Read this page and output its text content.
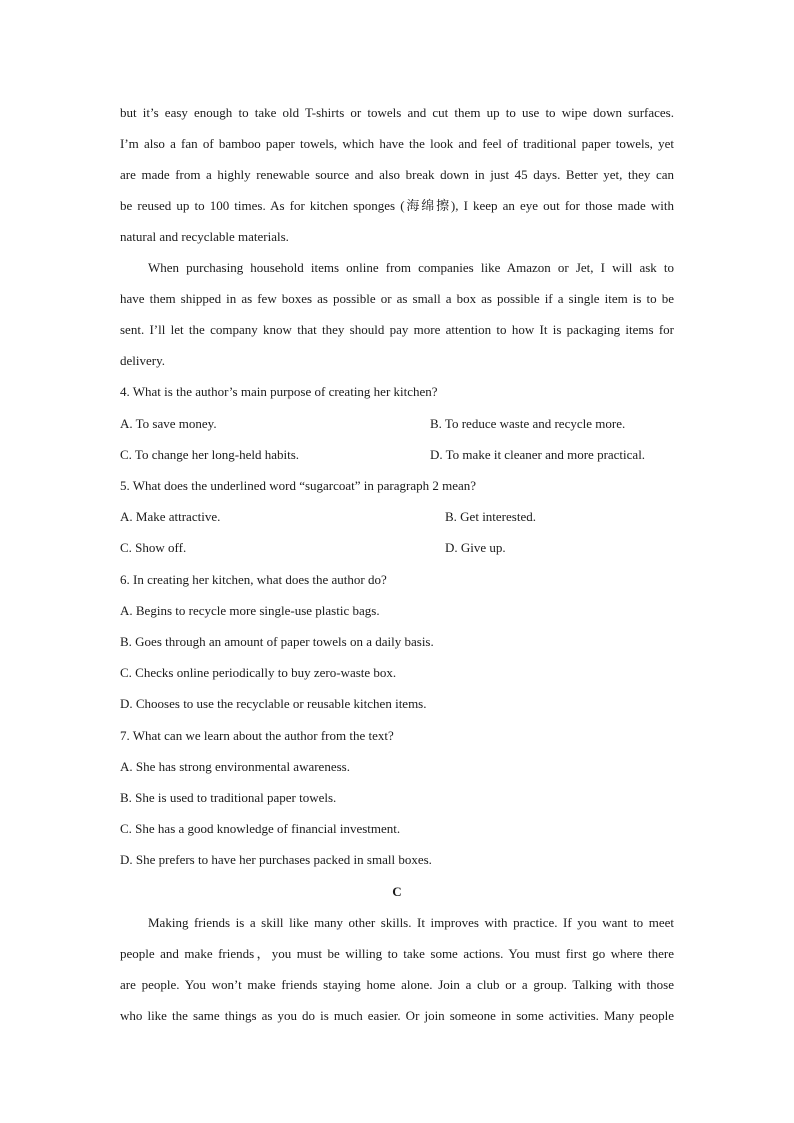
but it’s easy enough to take old T-shirts or towels and cut them up to use to wipe down surfaces.
I’m also a fan of bamboo paper towels, which have the look and feel of traditional paper towels, yet
are made from a highly renewable source and also break down in just 45 days. Better yet, they can
be reused up to 100 times. As for kitchen sponges (海绵擦), I keep an eye out for those made with
natural and recyclable materials.
When purchasing household items online from companies like Amazon or Jet, I will ask to
have them shipped in as few boxes as possible or as small a box as possible if a single item is to be
sent. I’ll let the company know that they should pay more attention to how It is packaging items for
delivery.
4. What is the author’s main purpose of creating her kitchen?
A. To save money.	B. To reduce waste and recycle more.
C. To change her long-held habits.	D. To make it cleaner and more practical.
5. What does the underlined word “sugarcoat” in paragraph 2 mean?
A. Make attractive.	B. Get interested.
C. Show off.	D. Give up.
6. In creating her kitchen, what does the author do?
A. Begins to recycle more single-use plastic bags.
B. Goes through an amount of paper towels on a daily basis.
C. Checks online periodically to buy zero-waste box.
D. Chooses to use the recyclable or reusable kitchen items.
7. What can we learn about the author from the text?
A. She has strong environmental awareness.
B. She is used to traditional paper towels.
C. She has a good knowledge of financial investment.
D. She prefers to have her purchases packed in small boxes.
C
Making friends is a skill like many other skills. It improves with practice. If you want to meet
people and make friends，you must be willing to take some actions. You must first go where there
are people. You won’t make friends staying home alone. Join a club or a group. Talking with those
who like the same things as you do is much easier. Or join someone in some activities. Many people
